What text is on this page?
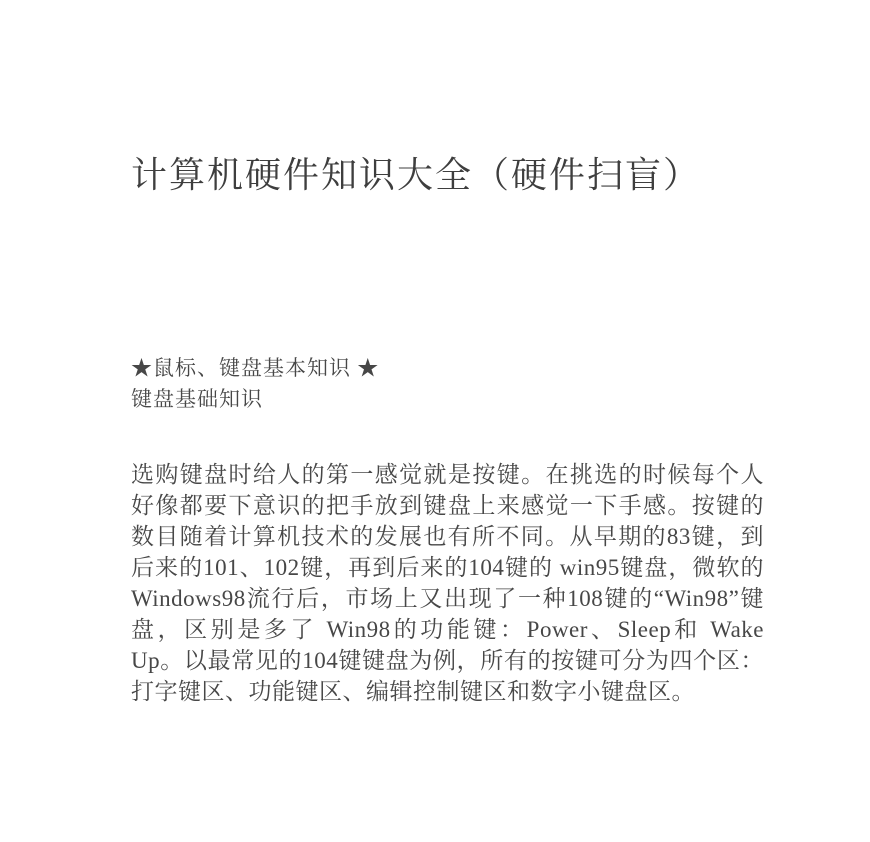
计算机硬件知识大全（硬件扫盲）
★鼠标、键盘基本知识 ★
键盘基础知识

选购键盘时给人的第一感觉就是按键。在挑选的时候每个人好像都要下意识的把手放到键盘上来感觉一下手感。按键的数目随着计算机技术的发展也有所不同。从早期的83键，到后来的101、102键，再到后来的104键的 win95键盘，微软的 Windows98流行后，市场上又出现了一种108键的“Win98”键盘，区别是多了 Win98的功能键：Power、Sleep和 Wake Up。以最常见的104键键盘为例，所有的按键可分为四个区：打字键区、功能键区、编辑控制键区和数字小键盘区。
